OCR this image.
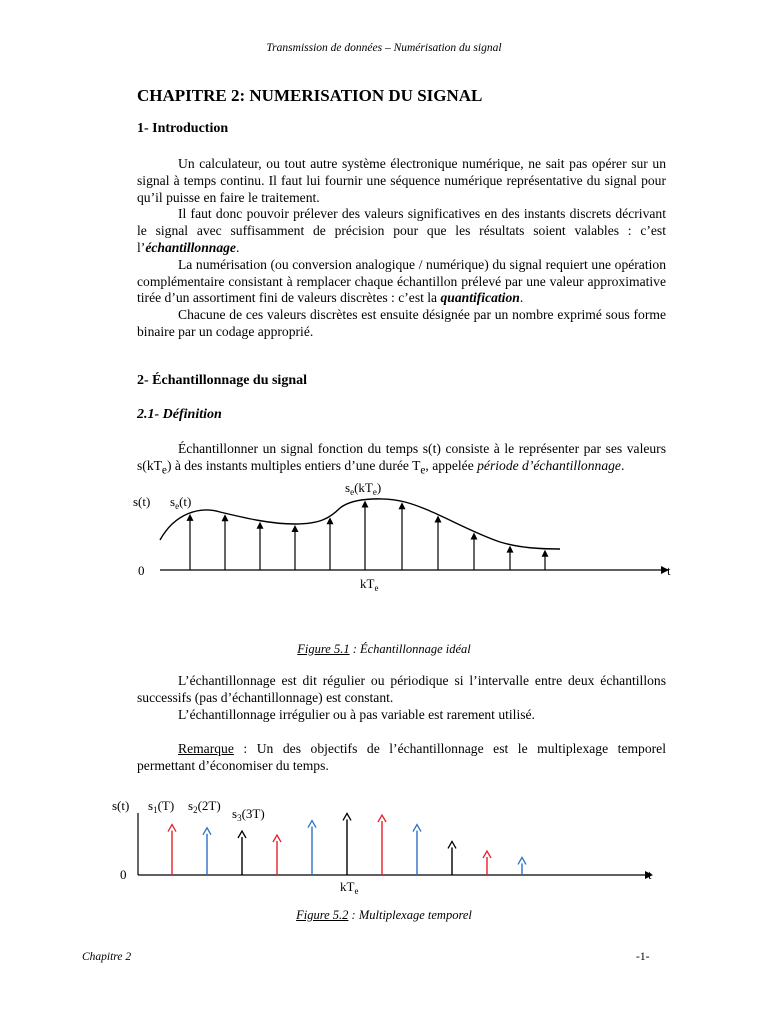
Transmission de données – Numérisation du signal
CHAPITRE 2: NUMERISATION DU SIGNAL
1- Introduction

Un calculateur, ou tout autre système électronique numérique, ne sait pas opérer sur un signal à temps continu. Il faut lui fournir une séquence numérique représentative du signal pour qu’il puisse en faire le traitement.

Il faut donc pouvoir prélever des valeurs significatives en des instants discrets décrivant le signal avec suffisamment de précision pour que les résultats soient valables : c’est l’échantillonnage.

La numérisation (ou conversion analogique / numérique) du signal requiert une opération complémentaire consistant à remplacer chaque échantillon prélevé par une valeur approximative tirée d’un assortiment fini de valeurs discrètes : c’est la quantification.

Chacune de ces valeurs discrètes est ensuite désignée par un nombre exprimé sous forme binaire par un codage approprié.

2- Échantillonnage du signal
2.1- Définition

Échantillonner un signal fonction du temps s(t) consiste à le représenter par ses valeurs $s(kT_e)$ à des instants multiples entiers d’une durée $T_e$, appelée période d’échantillonnage.

s(t) $s_e(t)$
$s_e(kT_e)$
0	t
$kT_e$
Figure 5.1 : Échantillonnage idéal

L’échantillonnage est dit régulier ou périodique si l’intervalle entre deux échantillons successifs (pas d’échantillonnage) est constant.

L’échantillonnage irrégulier ou à pas variable est rarement utilisé.

Remarque : Un des objectifs de l’échantillonnage est le multiplexage temporel permettant d’économiser du temps.

s(t) $s_1(T)$ $s_2(2T)$
$s_3(3T)$
0	t
$kT_e$
Figure 5.2 : Multiplexage temporel
Chapitre 2	-1-
